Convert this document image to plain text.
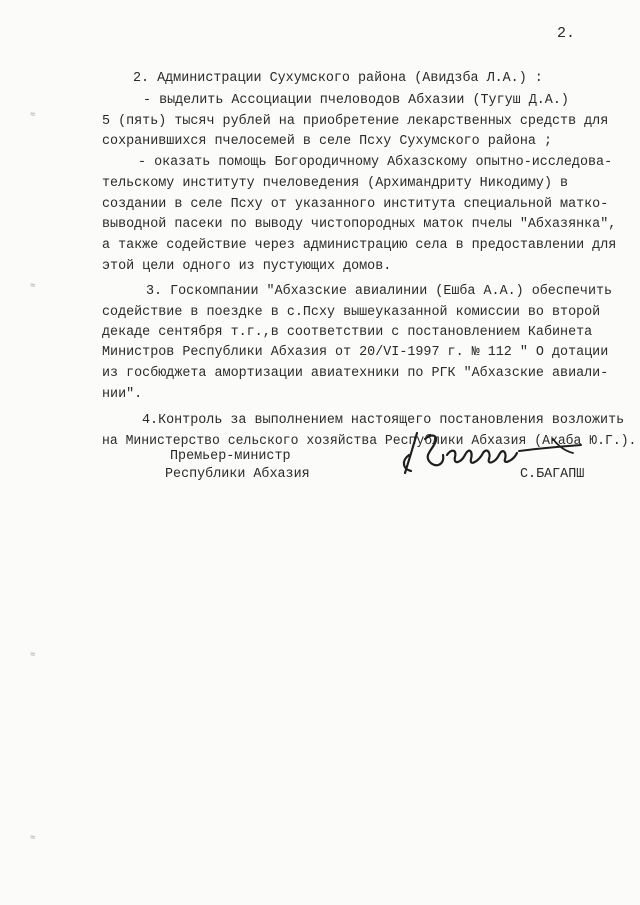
2.
2. Администрации Сухумского района (Авидзба Л.А.) :
- выделить Ассоциации пчеловодов Абхазии (Тугуш Д.А.)
5 (пять) тысяч рублей на приобретение лекарственных средств для
сохранившихся пчелосемей в селе Псху Сухумского района ;
- оказать помощь Богородичному Абхазскому опытно-исследова-
тельскому институту пчеловедения (Архимандриту Никодиму) в
создании в селе Псху от указанного института специальной матко-
выводной пасеки по выводу чистопородных маток пчелы "Абхазянка",
а также содействие через администрацию села в предоставлении для
этой цели одного из пустующих домов.
3. Госкомпании "Абхазские авиалинии (Ешба А.А.) обеспечить
содействие в поездке в с.Псху вышеуказанной комиссии во второй
декаде сентября т.г.,в соответствии с постановлением Кабинета
Министров Республики Абхазия от 20/VI-1997 г. № 112 " О дотации
из госбюджета амортизации авиатехники по РГК "Абхазские авиали-
нии".
4.Контроль за выполнением настоящего постановления возложить
на Министерство сельского хозяйства Республики Абхазия (Акаба Ю.Г.).
Премьер-министр
Республики Абхазия	С.БАГАПШ
≈
≈
≈
≈
